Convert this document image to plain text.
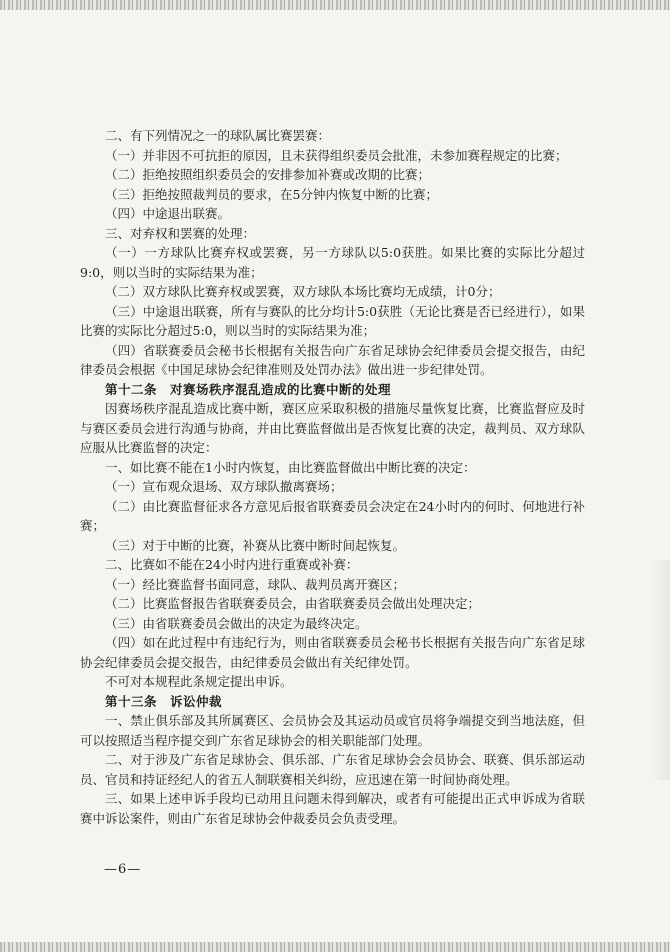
二、有下列情况之一的球队属比赛罢赛：

（一）并非因不可抗拒的原因，且未获得组织委员会批准，未参加赛程规定的比赛；

（二）拒绝按照组织委员会的安排参加补赛或改期的比赛；

（三）拒绝按照裁判员的要求，在5分钟内恢复中断的比赛；

（四）中途退出联赛。

三、对弃权和罢赛的处理：

（一）一方球队比赛弃权或罢赛，另一方球队以5:0获胜。如果比赛的实际比分超过9:0，则以当时的实际结果为准；

（二）双方球队比赛弃权或罢赛，双方球队本场比赛均无成绩，计0分；

（三）中途退出联赛，所有与赛队的比分均计5:0获胜（无论比赛是否已经进行），如果比赛的实际比分超过5:0，则以当时的实际结果为准；

（四）省联赛委员会秘书长根据有关报告向广东省足球协会纪律委员会提交报告，由纪律委员会根据《中国足球协会纪律准则及处罚办法》做出进一步纪律处罚。

第十二条　对赛场秩序混乱造成的比赛中断的处理

因赛场秩序混乱造成比赛中断，赛区应采取积极的措施尽量恢复比赛，比赛监督应及时与赛区委员会进行沟通与协商，并由比赛监督做出是否恢复比赛的决定，裁判员、双方球队应服从比赛监督的决定：

一、如比赛不能在1小时内恢复，由比赛监督做出中断比赛的决定：

（一）宣布观众退场、双方球队撤离赛场；

（二）由比赛监督征求各方意见后报省联赛委员会决定在24小时内的何时、何地进行补赛；

（三）对于中断的比赛，补赛从比赛中断时间起恢复。

二、比赛如不能在24小时内进行重赛或补赛：

（一）经比赛监督书面同意，球队、裁判员离开赛区；

（二）比赛监督报告省联赛委员会，由省联赛委员会做出处理决定；

（三）由省联赛委员会做出的决定为最终决定。

（四）如在此过程中有违纪行为，则由省联赛委员会秘书长根据有关报告向广东省足球协会纪律委员会提交报告，由纪律委员会做出有关纪律处罚。

不可对本规程此条规定提出申诉。

第十三条　诉讼仲裁

一、禁止俱乐部及其所属赛区、会员协会及其运动员或官员将争端提交到当地法庭，但可以按照适当程序提交到广东省足球协会的相关职能部门处理。

二、对于涉及广东省足球协会、俱乐部、广东省足球协会会员协会、联赛、俱乐部运动员、官员和持证经纪人的省五人制联赛相关纠纷，应迅速在第一时间协商处理。

三、如果上述申诉手段均已动用且问题未得到解决，或者有可能提出正式申诉成为省联赛中诉讼案件，则由广东省足球协会仲裁委员会负责受理。

—6—
